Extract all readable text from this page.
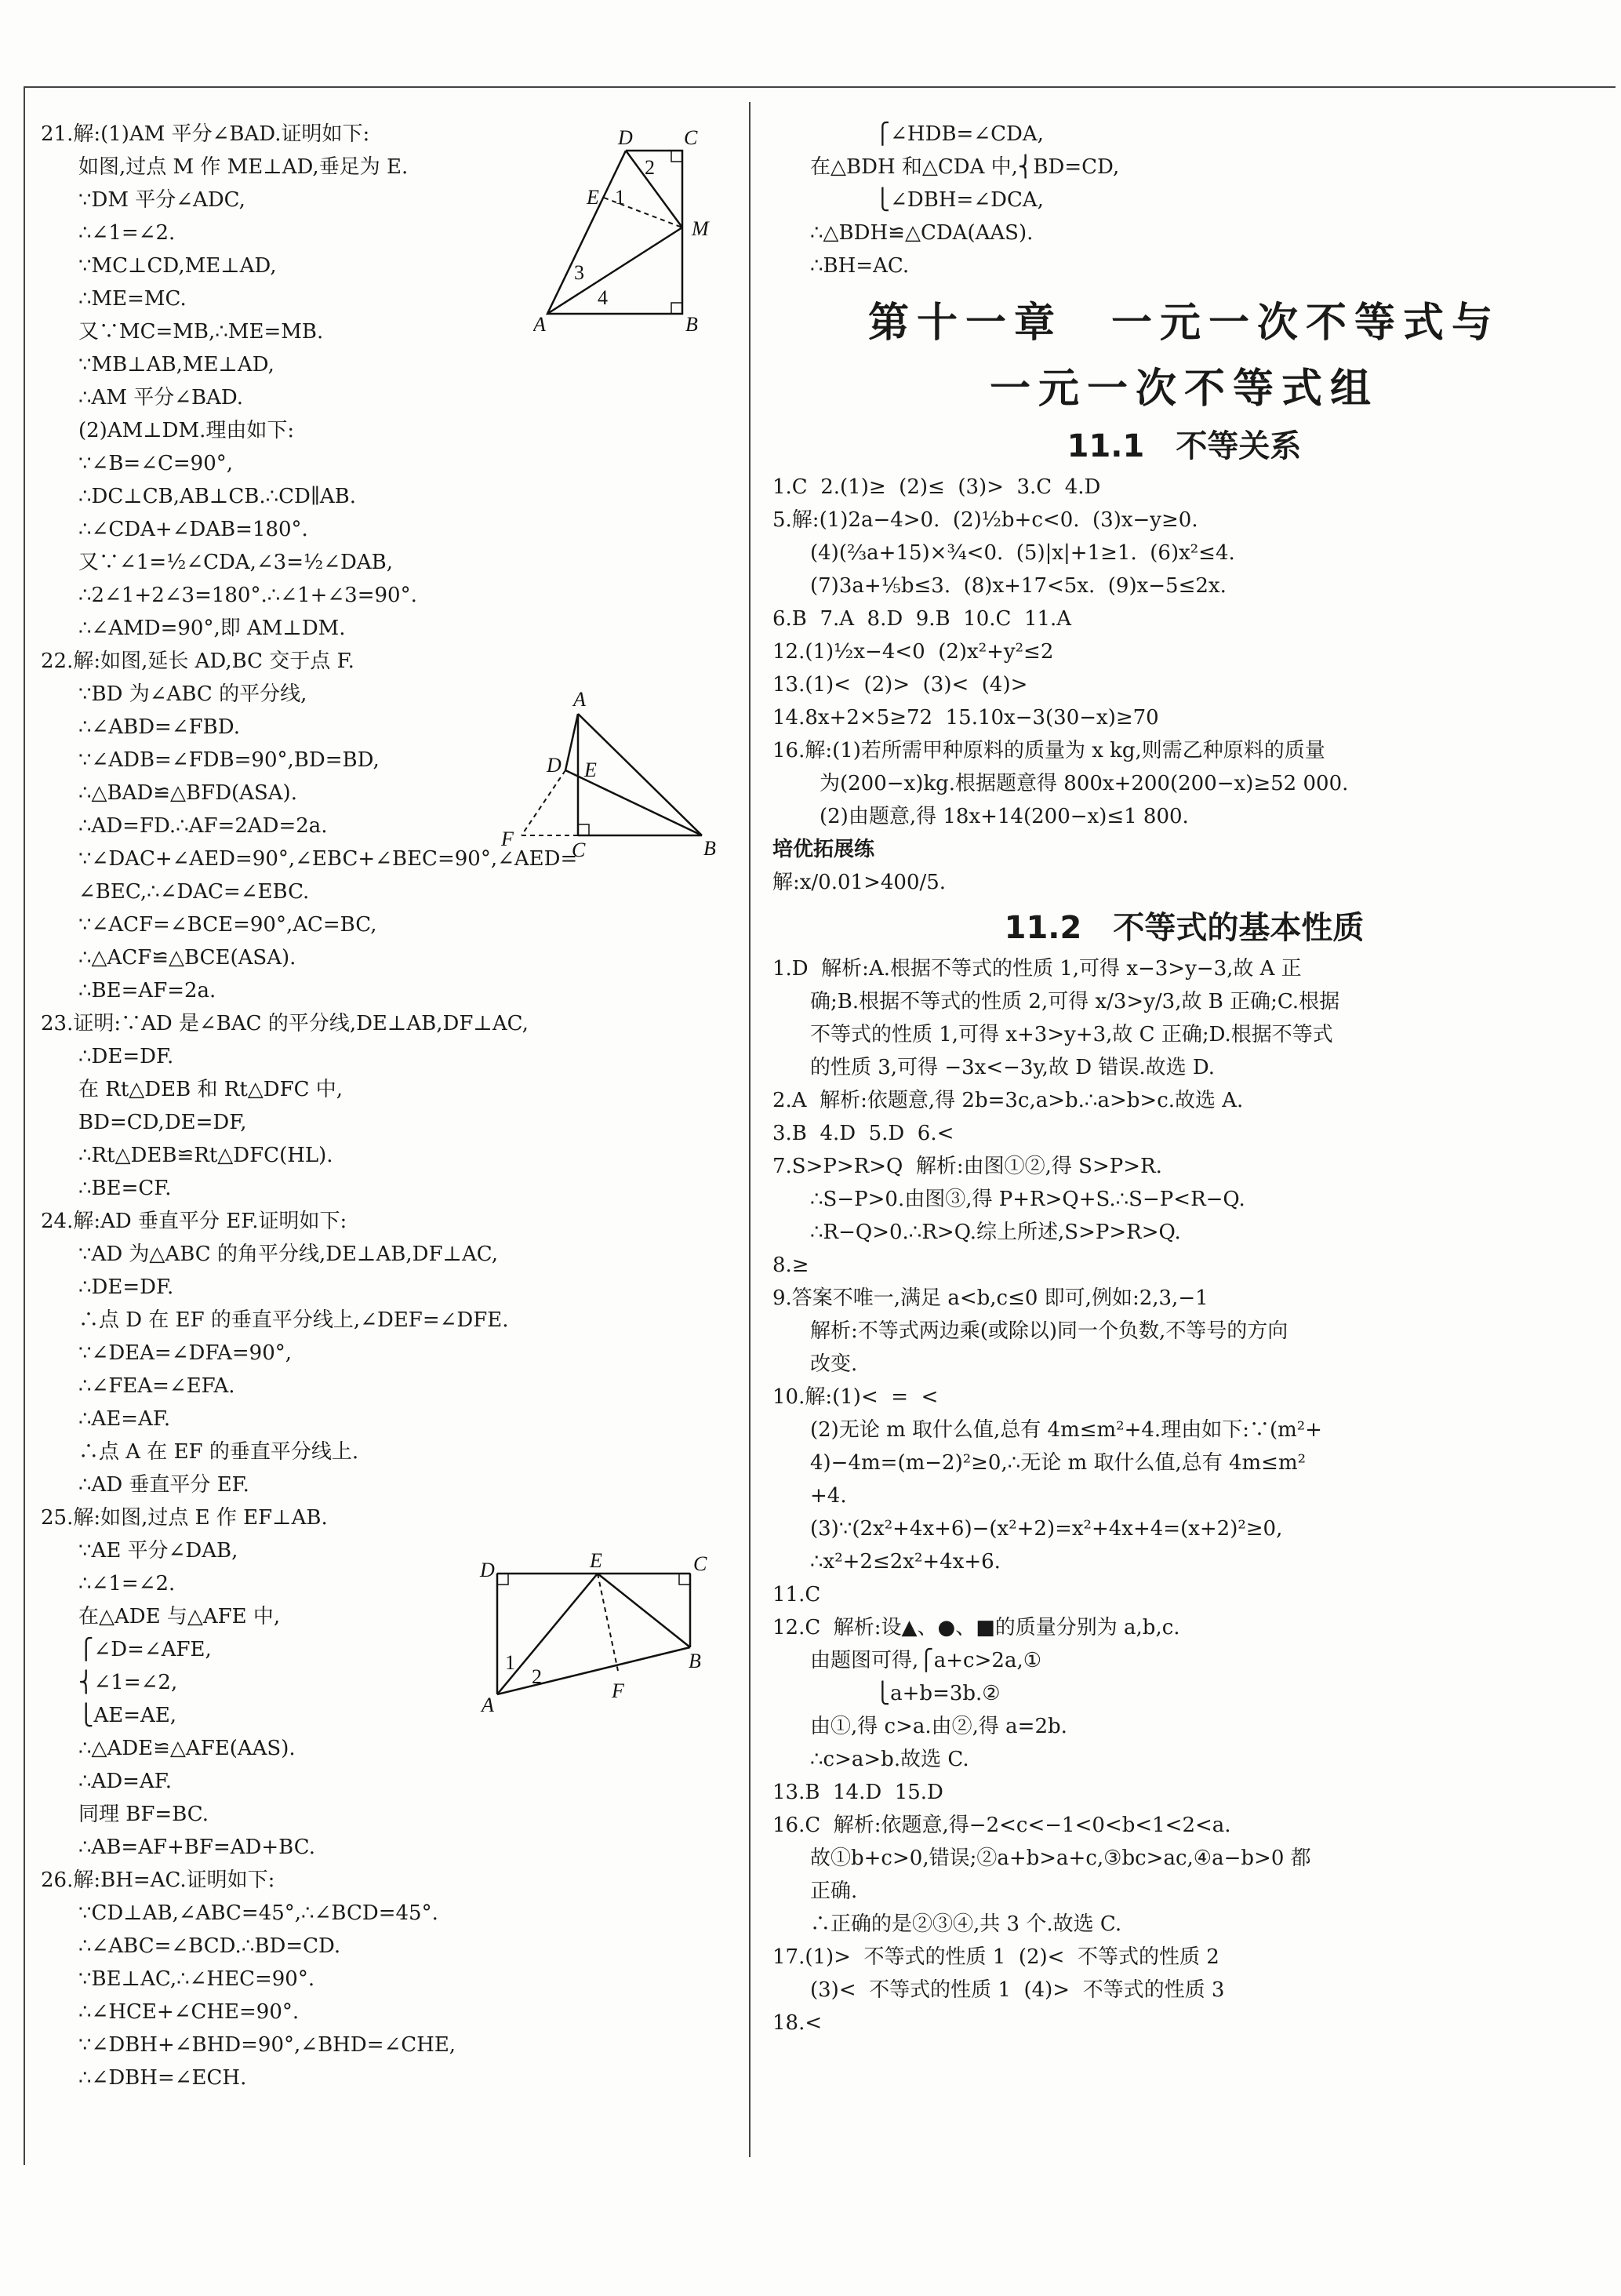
21.解:(1)AM 平分∠BAD.证明如下:
如图,过点 M 作 ME⊥AD,垂足为 E.
∵DM 平分∠ADC,
∴∠1=∠2.
∵MC⊥CD,ME⊥AD,
∴ME=MC.
又∵MC=MB,∴ME=MB.
∵MB⊥AB,ME⊥AD,
∴AM 平分∠BAD.
(2)AM⊥DM.理由如下:
∵∠B=∠C=90°,
∴DC⊥CB,AB⊥CB.∴CD∥AB.
∴∠CDA+∠DAB=180°.
又∵∠1=½∠CDA,∠3=½∠DAB,
∴2∠1+2∠3=180°.∴∠1+∠3=90°.
∴∠AMD=90°,即 AM⊥DM.
22.解:如图,延长 AD,BC 交于点 F.
∵BD 为∠ABC 的平分线,
∴∠ABD=∠FBD.
∵∠ADB=∠FDB=90°,BD=BD,
∴△BAD≌△BFD(ASA).
∴AD=FD.∴AF=2AD=2a.
∵∠DAC+∠AED=90°,∠EBC+∠BEC=90°,∠AED=
∠BEC,∴∠DAC=∠EBC.
∵∠ACF=∠BCE=90°,AC=BC,
∴△ACF≌△BCE(ASA).
∴BE=AF=2a.
23.证明:∵AD 是∠BAC 的平分线,DE⊥AB,DF⊥AC,
∴DE=DF.
在 Rt△DEB 和 Rt△DFC 中,
BD=CD,DE=DF,
∴Rt△DEB≌Rt△DFC(HL).
∴BE=CF.
24.解:AD 垂直平分 EF.证明如下:
∵AD 为△ABC 的角平分线,DE⊥AB,DF⊥AC,
∴DE=DF.
∴点 D 在 EF 的垂直平分线上,∠DEF=∠DFE.
∵∠DEA=∠DFA=90°,
∴∠FEA=∠EFA.
∴AE=AF.
∴点 A 在 EF 的垂直平分线上.
∴AD 垂直平分 EF.
25.解:如图,过点 E 作 EF⊥AB.
∵AE 平分∠DAB,
∴∠1=∠2.
在△ADE 与△AFE 中,
⎧∠D=∠AFE,
⎨∠1=∠2,
⎩AE=AE,
∴△ADE≌△AFE(AAS).
∴AD=AF.
同理 BF=BC.
∴AB=AF+BF=AD+BC.
26.解:BH=AC.证明如下:
∵CD⊥AB,∠ABC=45°,∴∠BCD=45°.
∴∠ABC=∠BCD.∴BD=CD.
∵BE⊥AC,∴∠HEC=90°.
∴∠HCE+∠CHE=90°.
∵∠DBH+∠BHD=90°,∠BHD=∠CHE,
∴∠DBH=∠ECH.
D	C
E
M
A	B
1
2
3
4
A
D E
F	C	B
D	E	C
A
F
B
1
2
⎧∠HDB=∠CDA,
在△BDH 和△CDA 中,⎨BD=CD,
⎩∠DBH=∠DCA,
∴△BDH≌△CDA(AAS).
∴BH=AC.
第十一章　一元一次不等式与
一元一次不等式组
11.1　不等关系
1.C  2.(1)≥  (2)≤  (3)>  3.C  4.D
5.解:(1)2a−4>0.  (2)½b+c<0.  (3)x−y≥0.
(4)(⅔a+15)×¾<0.  (5)|x|+1≥1.  (6)x²≤4.
(7)3a+⅕b≤3.  (8)x+17<5x.  (9)x−5≤2x.
6.B  7.A  8.D  9.B  10.C  11.A
12.(1)½x−4<0  (2)x²+y²≤2
13.(1)<  (2)>  (3)<  (4)>
14.8x+2×5≥72  15.10x−3(30−x)≥70
16.解:(1)若所需甲种原料的质量为 x kg,则需乙种原料的质量
为(200−x)kg.根据题意得 800x+200(200−x)≥52 000.
(2)由题意,得 18x+14(200−x)≤1 800.
培优拓展练
解:x/0.01>400/5.
11.2　不等式的基本性质
1.D  解析:A.根据不等式的性质 1,可得 x−3>y−3,故 A 正
确;B.根据不等式的性质 2,可得 x/3>y/3,故 B 正确;C.根据
不等式的性质 1,可得 x+3>y+3,故 C 正确;D.根据不等式
的性质 3,可得 −3x<−3y,故 D 错误.故选 D.
2.A  解析:依题意,得 2b=3c,a>b.∴a>b>c.故选 A.
3.B  4.D  5.D  6.<
7.S>P>R>Q  解析:由图①②,得 S>P>R.
∴S−P>0.由图③,得 P+R>Q+S.∴S−P<R−Q.
∴R−Q>0.∴R>Q.综上所述,S>P>R>Q.
8.≥
9.答案不唯一,满足 a<b,c≤0 即可,例如:2,3,−1
解析:不等式两边乘(或除以)同一个负数,不等号的方向
改变.
10.解:(1)<  =  <
(2)无论 m 取什么值,总有 4m≤m²+4.理由如下:∵(m²+
4)−4m=(m−2)²≥0,∴无论 m 取什么值,总有 4m≤m²
+4.
(3)∵(2x²+4x+6)−(x²+2)=x²+4x+4=(x+2)²≥0,
∴x²+2≤2x²+4x+6.
11.C
12.C  解析:设▲、●、■的质量分别为 a,b,c.
由题图可得,⎧a+c>2a,①
⎩a+b=3b.②
由①,得 c>a.由②,得 a=2b.
∴c>a>b.故选 C.
13.B  14.D  15.D
16.C  解析:依题意,得−2<c<−1<0<b<1<2<a.
故①b+c>0,错误;②a+b>a+c,③bc>ac,④a−b>0 都
正确.
∴正确的是②③④,共 3 个.故选 C.
17.(1)>  不等式的性质 1  (2)<  不等式的性质 2
(3)<  不等式的性质 1  (4)>  不等式的性质 3
18.<
